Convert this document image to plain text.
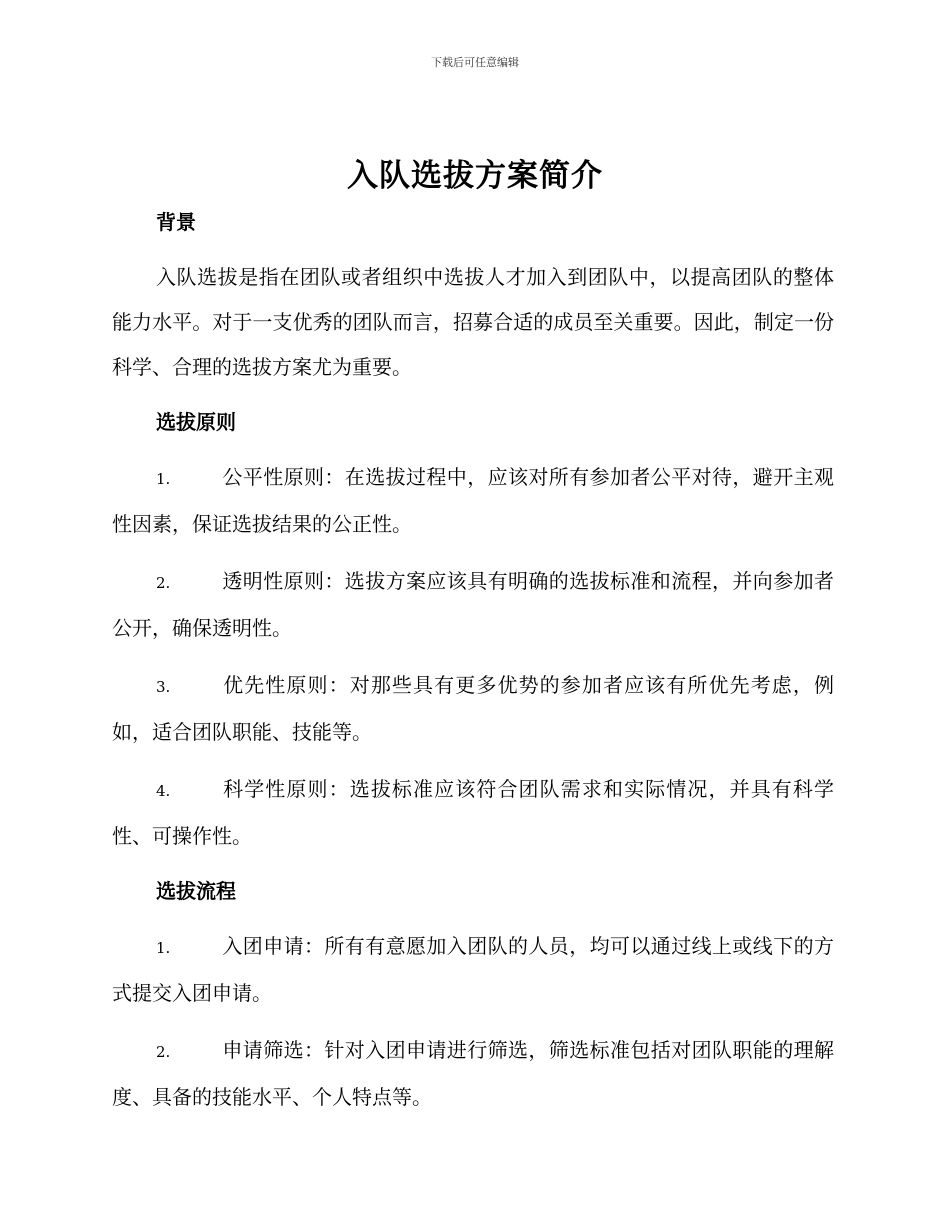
下载后可任意编辑
入队选拔方案简介
背景

入队选拔是指在团队或者组织中选拔人才加入到团队中，以提高团队的整体能力水平。对于一支优秀的团队而言，招募合适的成员至关重要。因此，制定一份科学、合理的选拔方案尤为重要。

选拔原则

1.	公平性原则：在选拔过程中，应该对所有参加者公平对待，避开主观性因素，保证选拔结果的公正性。

2.	透明性原则：选拔方案应该具有明确的选拔标准和流程，并向参加者公开，确保透明性。

3.	优先性原则：对那些具有更多优势的参加者应该有所优先考虑，例如，适合团队职能、技能等。

4.	科学性原则：选拔标准应该符合团队需求和实际情况，并具有科学性、可操作性。

选拔流程

1.	入团申请：所有有意愿加入团队的人员，均可以通过线上或线下的方式提交入团申请。

2.	申请筛选：针对入团申请进行筛选，筛选标准包括对团队职能的理解度、具备的技能水平、个人特点等。
